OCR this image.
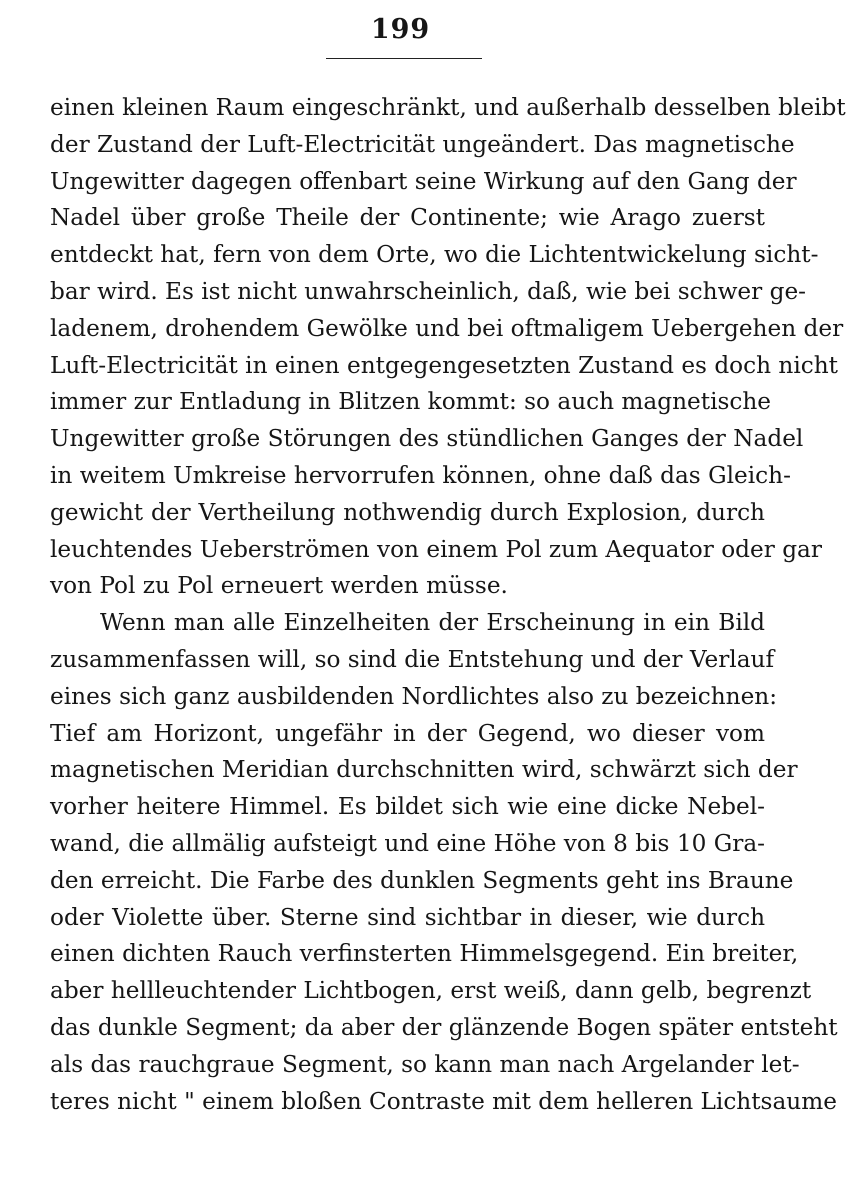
199
einen kleinen Raum eingeschränkt, und außerhalb desselben bleibt
der Zustand der Luft-Electricität ungeändert. Das magnetische
Ungewitter dagegen offenbart seine Wirkung auf den Gang der
Nadel über große Theile der Continente; wie Arago zuerst
entdeckt hat, fern von dem Orte, wo die Lichtentwickelung sicht-
bar wird. Es ist nicht unwahrscheinlich, daß, wie bei schwer ge-
ladenem, drohendem Gewölke und bei oftmaligem Uebergehen der
Luft-Electricität in einen entgegengesetzten Zustand es doch nicht
immer zur Entladung in Blitzen kommt: so auch magnetische
Ungewitter große Störungen des stündlichen Ganges der Nadel
in weitem Umkreise hervorrufen können, ohne daß das Gleich-
gewicht der Vertheilung nothwendig durch Explosion, durch
leuchtendes Ueberströmen von einem Pol zum Aequator oder gar
von Pol zu Pol erneuert werden müsse.
Wenn man alle Einzelheiten der Erscheinung in ein Bild
zusammenfassen will, so sind die Entstehung und der Verlauf
eines sich ganz ausbildenden Nordlichtes also zu bezeichnen:
Tief am Horizont, ungefähr in der Gegend, wo dieser vom
magnetischen Meridian durchschnitten wird, schwärzt sich der
vorher heitere Himmel. Es bildet sich wie eine dicke Nebel-
wand, die allmälig aufsteigt und eine Höhe von 8 bis 10 Gra-
den erreicht. Die Farbe des dunklen Segments geht ins Braune
oder Violette über. Sterne sind sichtbar in dieser, wie durch
einen dichten Rauch verfinsterten Himmelsgegend. Ein breiter,
aber hellleuchtender Lichtbogen, erst weiß, dann gelb, begrenzt
das dunkle Segment; da aber der glänzende Bogen später entsteht
als das rauchgraue Segment, so kann man nach Argelander let-
teres nicht " einem bloßen Contraste mit dem helleren Lichtsaume
